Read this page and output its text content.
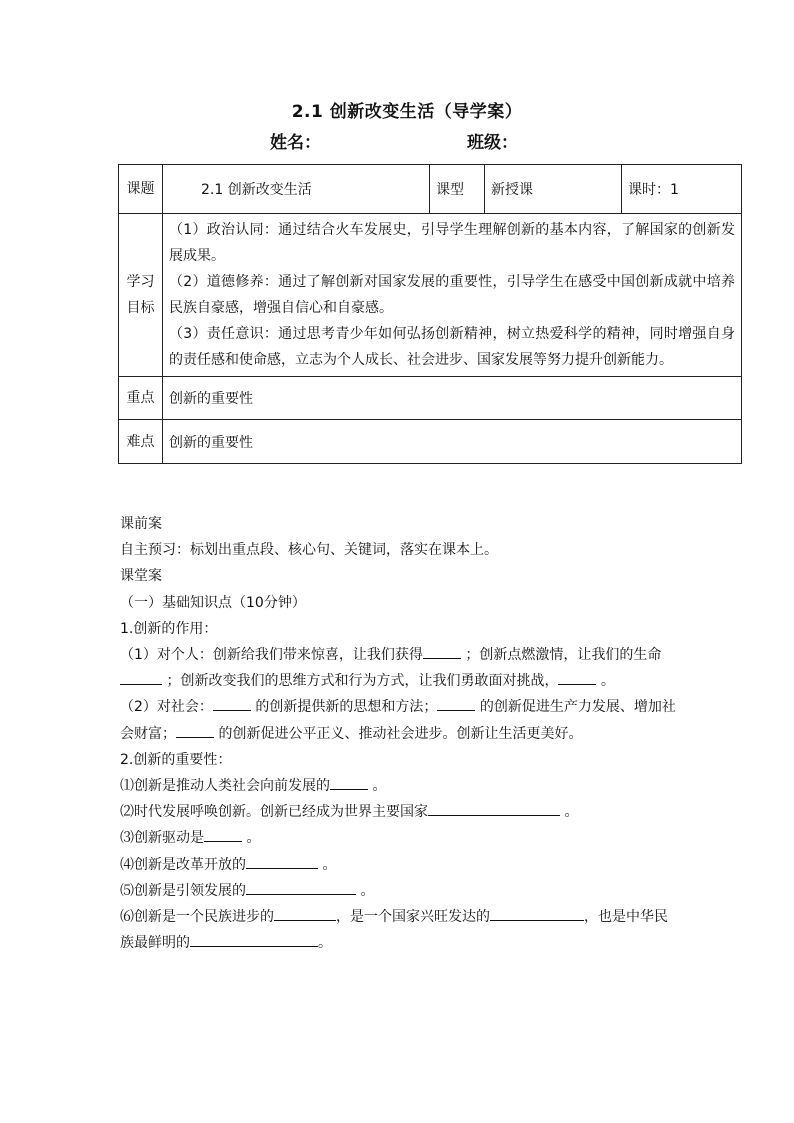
2.1 创新改变生活（导学案）
姓名：	班级：
课题	2.1 创新改变生活	课型	新授课	课时：1
学习目标	（1）政治认同：通过结合火车发展史，引导学生理解创新的基本内容，了解国家的创新发展成果。

（2）道德修养：通过了解创新对国家发展的重要性，引导学生在感受中国创新成就中培养民族自豪感，增强自信心和自豪感。

（3）责任意识：通过思考青少年如何弘扬创新精神，树立热爱科学的精神，同时增强自身的责任感和使命感，立志为个人成长、社会进步、国家发展等努力提升创新能力。			

重点	创新的重要性			
难点	创新的重要性			

课前案

自主预习：标划出重点段、核心句、关键词，落实在课本上。

课堂案

（一）基础知识点（10分钟）

1.创新的作用：

（1）对个人：创新给我们带来惊喜，让我们获得	；创新点燃激情，让我们的生命 ；创新改变我们的思维方式和行为方式，让我们勇敢面对挑战，	。

（2）对社会：	的创新提供新的思想和方法；	的创新促进生产力发展、增加社会财富；	的创新促进公平正义、推动社会进步。创新让生活更美好。

2.创新的重要性：

⑴创新是推动人类社会向前发展的	。

⑵时代发展呼唤创新。创新已经成为世界主要国家	。

⑶创新驱动是	。

⑷创新是改革开放的	。

⑸创新是引领发展的	。

⑹创新是一个民族进步的	，是一个国家兴旺发达的	，也是中华民族最鲜明的	。
